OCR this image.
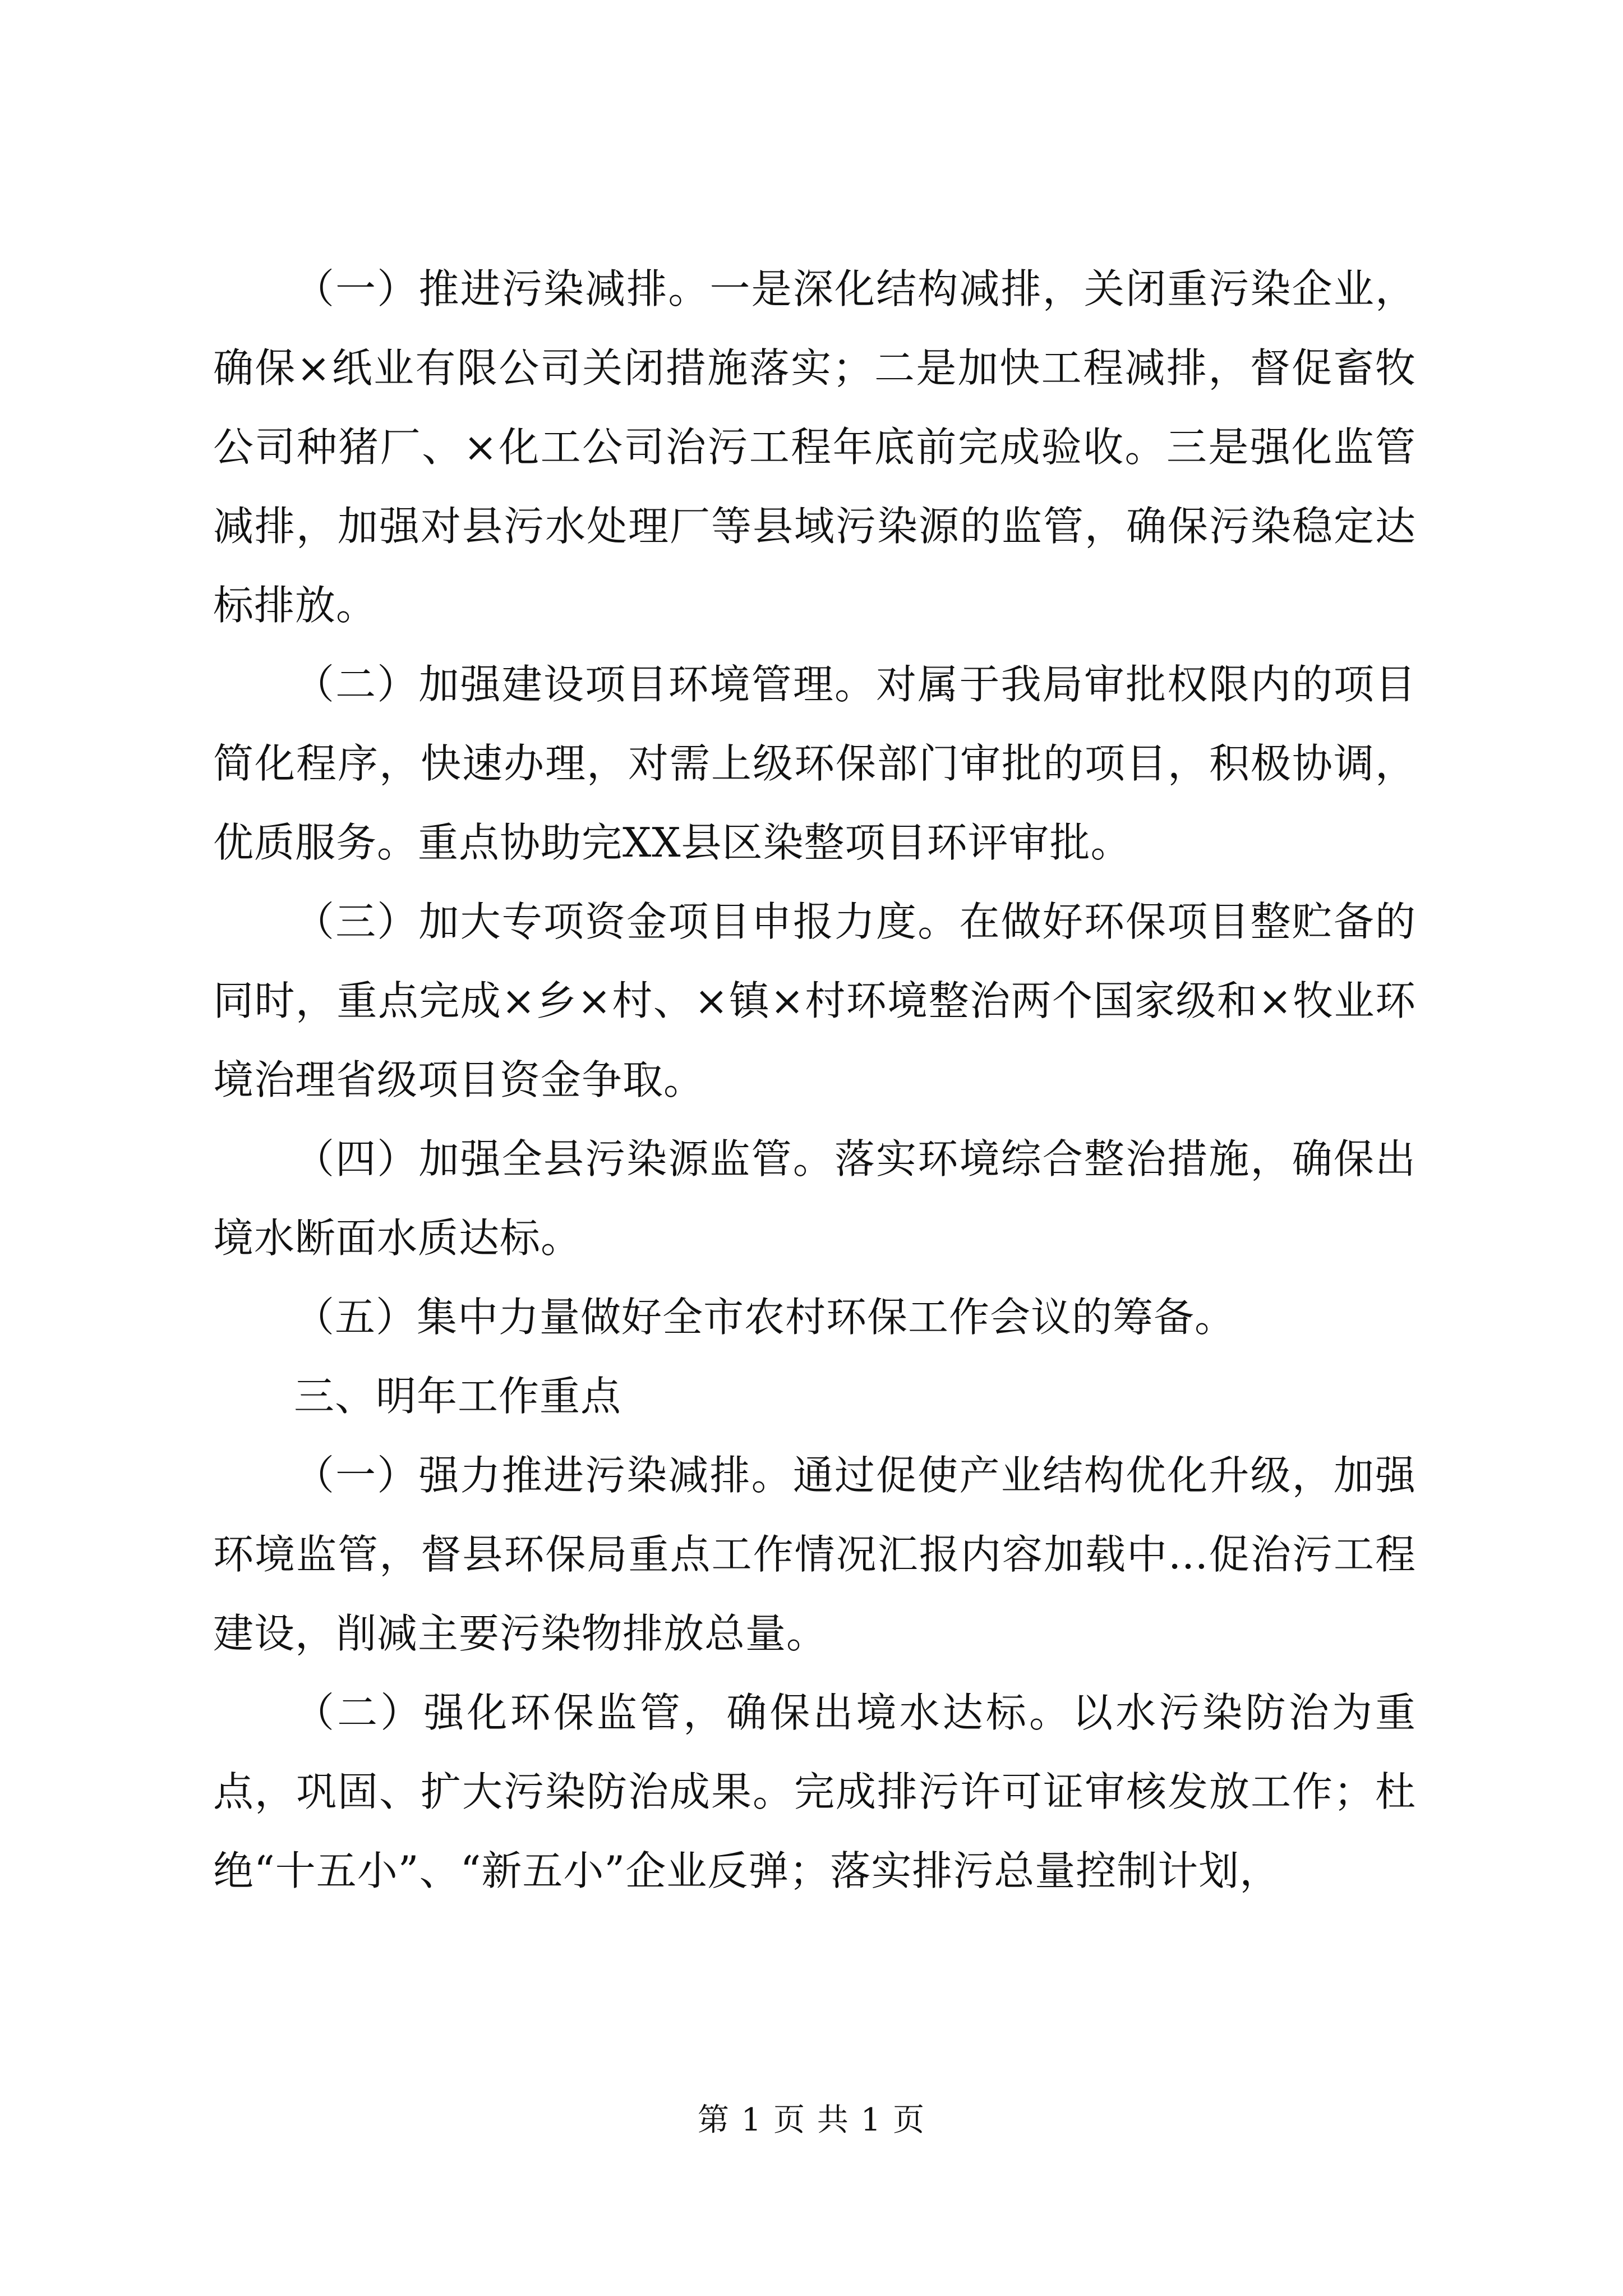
（一）推进污染减排。一是深化结构减排，关闭重污染企业，确保×纸业有限公司关闭措施落实；二是加快工程减排，督促畜牧公司种猪厂、×化工公司治污工程年底前完成验收。三是强化监管减排，加强对县污水处理厂等县域污染源的监管，确保污染稳定达标排放。

（二）加强建设项目环境管理。对属于我局审批权限内的项目简化程序，快速办理，对需上级环保部门审批的项目，积极协调，优质服务。重点协助完XX县区染整项目环评审批。

（三）加大专项资金项目申报力度。在做好环保项目整贮备的同时，重点完成×乡×村、×镇×村环境整治两个国家级和×牧业环境治理省级项目资金争取。

（四）加强全县污染源监管。落实环境综合整治措施，确保出境水断面水质达标。

（五）集中力量做好全市农村环保工作会议的筹备。

三、明年工作重点

（一）强力推进污染减排。通过促使产业结构优化升级，加强环境监管，督县环保局重点工作情况汇报内容加载中...促治污工程建设，削减主要污染物排放总量。

（二）强化环保监管，确保出境水达标。以水污染防治为重点，巩固、扩大污染防治成果。完成排污许可证审核发放工作；杜绝“十五小”、“新五小”企业反弹；落实排污总量控制计划，

第 1 页 共 1 页
